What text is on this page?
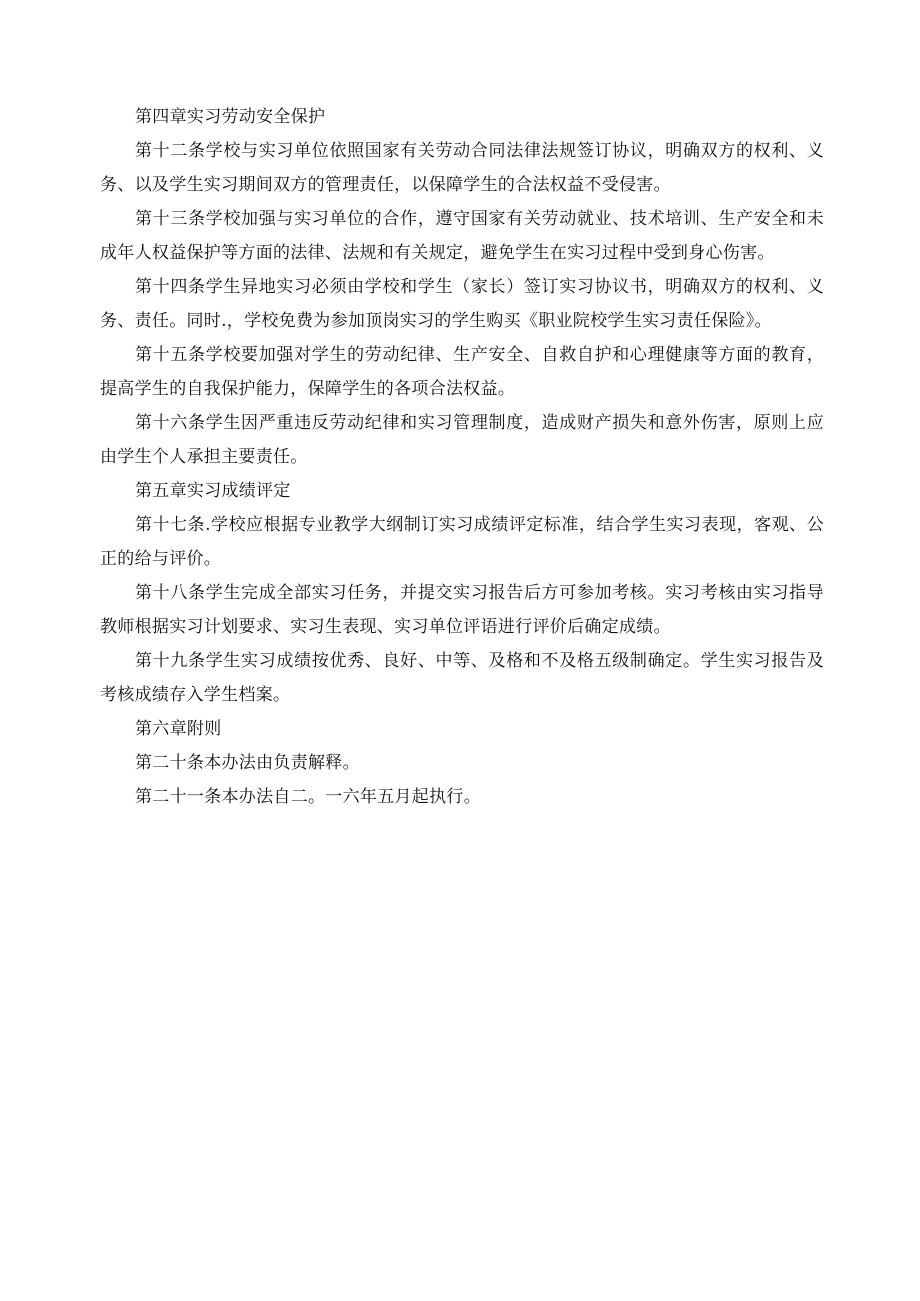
第四章实习劳动安全保护

第十二条学校与实习单位依照国家有关劳动合同法律法规签订协议，明确双方的权利、义务、以及学生实习期间双方的管理责任，以保障学生的合法权益不受侵害。

第十三条学校加强与实习单位的合作，遵守国家有关劳动就业、技术培训、生产安全和未成年人权益保护等方面的法律、法规和有关规定，避免学生在实习过程中受到身心伤害。

第十四条学生异地实习必须由学校和学生（家长）签订实习协议书，明确双方的权利、义务、责任。同时.，学校免费为参加顶岗实习的学生购买《职业院校学生实习责任保险》。

第十五条学校要加强对学生的劳动纪律、生产安全、自救自护和心理健康等方面的教育，提高学生的自我保护能力，保障学生的各项合法权益。

第十六条学生因严重违反劳动纪律和实习管理制度，造成财产损失和意外伤害，原则上应由学生个人承担主要责任。

第五章实习成绩评定

第十七条.学校应根据专业教学大纲制订实习成绩评定标准，结合学生实习表现，客观、公正的给与评价。

第十八条学生完成全部实习任务，并提交实习报告后方可参加考核。实习考核由实习指导教师根据实习计划要求、实习生表现、实习单位评语进行评价后确定成绩。

第十九条学生实习成绩按优秀、良好、中等、及格和不及格五级制确定。学生实习报告及考核成绩存入学生档案。

第六章附则

第二十条本办法由负责解释。

第二十一条本办法自二。一六年五月起执行。
